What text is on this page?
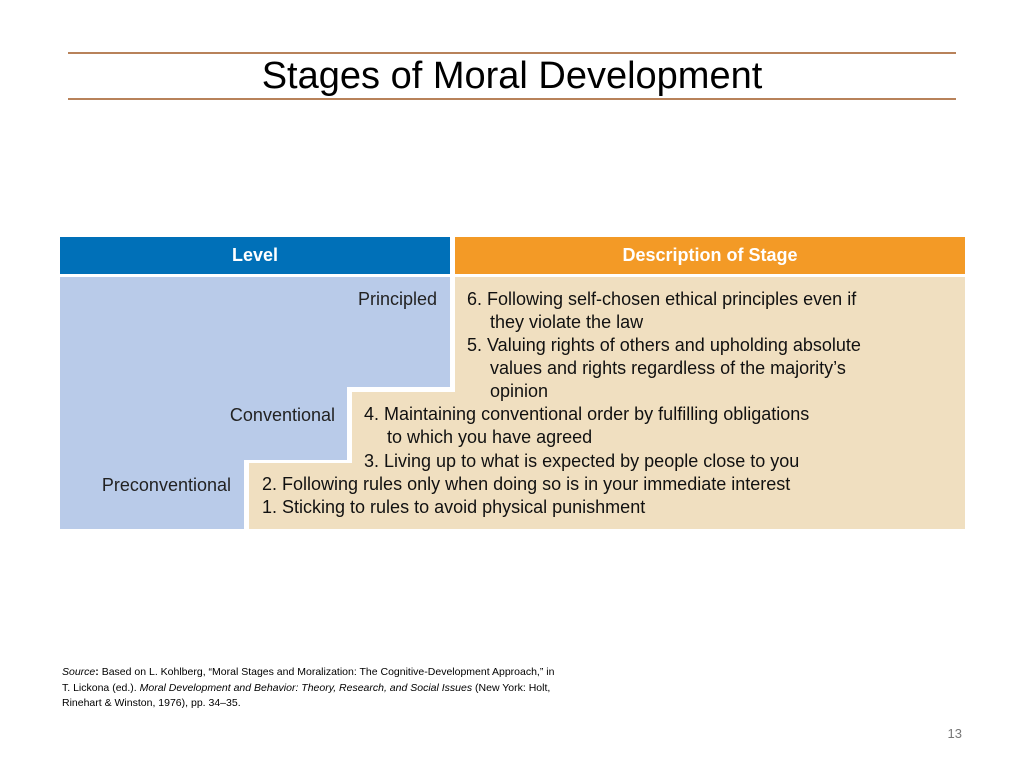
Stages of Moral Development
Level	Description of Stage
Principled
Conventional
Preconventional
6. Following self-chosen ethical principles even if
they violate the law
5. Valuing rights of others and upholding absolute
values and rights regardless of the majority’s
opinion
4. Maintaining conventional order by fulfilling obligations
to which you have agreed
3. Living up to what is expected by people close to you
2. Following rules only when doing so is in your immediate interest
1. Sticking to rules to avoid physical punishment
Source: Based on L. Kohlberg, “Moral Stages and Moralization: The Cognitive-Development Approach,” in T. Lickona (ed.). Moral Development and Behavior: Theory, Research, and Social Issues (New York: Holt, Rinehart & Winston, 1976), pp. 34–35.
13
